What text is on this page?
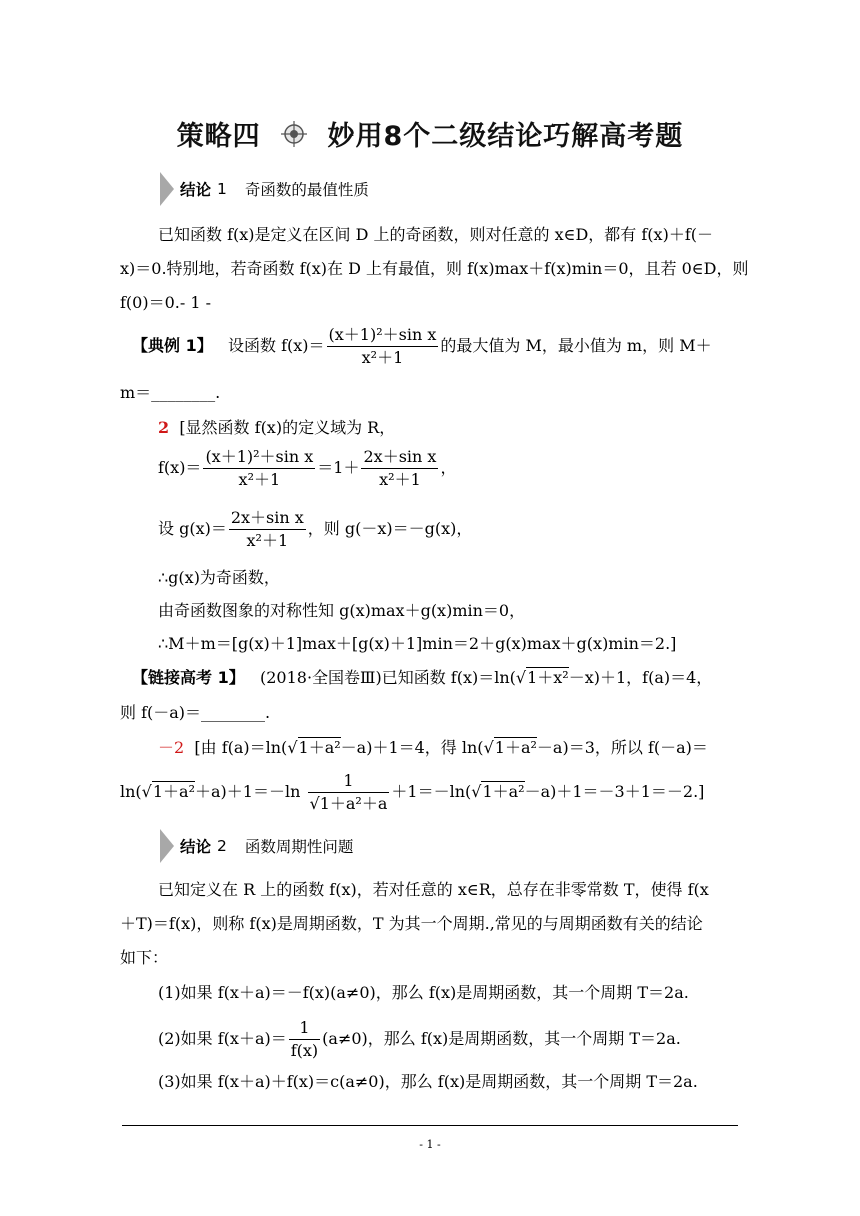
策略四 妙用8个二级结论巧解高考题
结论 1 奇函数的最值性质
已知函数 f(x)是定义在区间 D 上的奇函数，则对任意的 x∈D，都有 f(x)＋f(－
x)＝0.特别地，若奇函数 f(x)在 D 上有最值，则 f(x)max＋f(x)min＝0，且若 0∈D，则
f(0)＝0.- 1 -
【典例 1】 设函数 $f(x)= \frac{\text{(x＋1)²＋sin x}}{\text{x²＋1}}$ 的最大值为 M，最小值为 m，则 M＋
m＝________.
2 [显然函数 f(x)的定义域为 R，
$f(x)= \frac{\text{(x＋1)²＋sin x}}{\text{x²＋1}} =1+ \frac{\text{2x＋sin x}}{\text{x²＋1}}$ ，
设 $g(x)= \frac{\text{2x＋sin x}}{\text{x²＋1}}$ ，则 g(－x)＝－g(x)，
∴g(x)为奇函数，
由奇函数图象的对称性知 g(x)max＋g(x)min＝0，
∴M＋m＝[g(x)＋1]max＋[g(x)＋1]min＝2＋g(x)max＋g(x)min＝2.]
【链接高考 1】 (2018·全国卷Ⅲ)已知函数 f(x)＝ln(√1＋x²－x)＋1，f(a)＝4，
则 f(－a)＝________.
－2 [由 f(a)＝ln(√1＋a²－a)＋1＝4，得 ln(√1＋a²－a)＝3，所以 f(－a)＝
$\ln(√1+a^2+a)+1=-\ln \frac{1}{\text{√1＋a²＋a}} +1=-\ln(√1+a^2-a)+1=-3+1=-2$.]
结论 2 函数周期性问题
已知定义在 R 上的函数 f(x)，若对任意的 x∈R，总存在非零常数 T，使得 f(x
＋T)＝f(x)，则称 f(x)是周期函数，T 为其一个周期.,常见的与周期函数有关的结论
如下：
(1)如果 f(x＋a)＝－f(x)(a≠0)，那么 f(x)是周期函数，其一个周期 T＝2a.
(2)如果 $f(x+a)= \frac{1}{f(x)} (a\ne 0)$，那么 f(x)是周期函数，其一个周期 T＝2a.
(3)如果 f(x＋a)＋f(x)＝c(a≠0)，那么 f(x)是周期函数，其一个周期 T＝2a.
- 1 -
